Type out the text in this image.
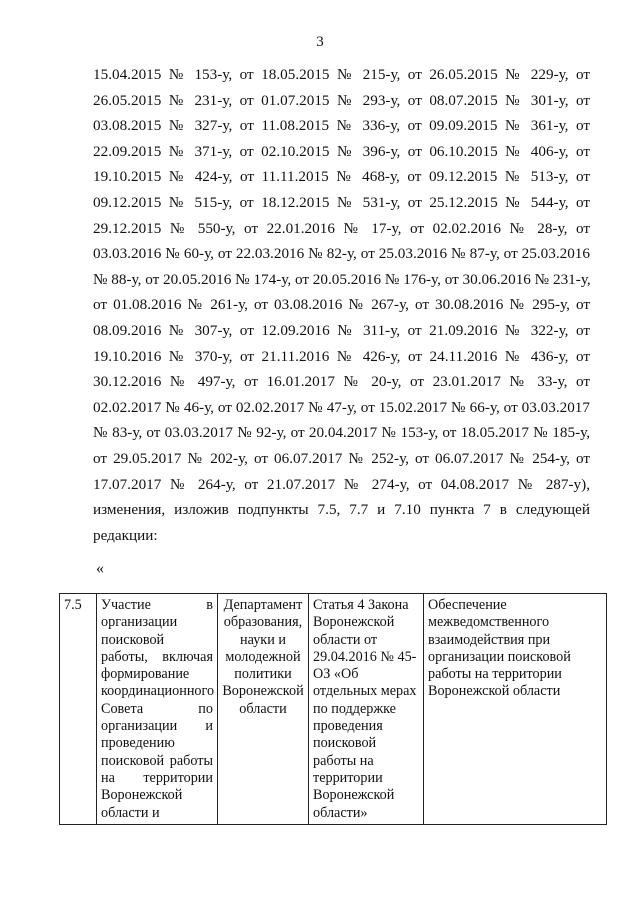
3
15.04.2015 № 153-у, от 18.05.2015 № 215-у, от 26.05.2015 № 229-у, от
26.05.2015 № 231-у, от 01.07.2015 № 293-у, от 08.07.2015 № 301-у, от
03.08.2015 № 327-у, от 11.08.2015 № 336-у, от 09.09.2015 № 361-у, от
22.09.2015 № 371-у, от 02.10.2015 № 396-у, от 06.10.2015 № 406-у, от
19.10.2015 № 424-у, от 11.11.2015 № 468-у, от 09.12.2015 № 513-у, от
09.12.2015 № 515-у, от 18.12.2015 № 531-у, от 25.12.2015 № 544-у, от
29.12.2015 № 550-у, от 22.01.2016 № 17-у, от 02.02.2016 № 28-у, от
03.03.2016 № 60-у, от 22.03.2016 № 82-у, от 25.03.2016 № 87-у, от 25.03.2016
№ 88-у, от 20.05.2016 № 174-у, от 20.05.2016 № 176-у, от 30.06.2016 № 231-у,
от 01.08.2016 № 261-у, от 03.08.2016 № 267-у, от 30.08.2016 № 295-у, от
08.09.2016 № 307-у, от 12.09.2016 № 311-у, от 21.09.2016 № 322-у, от
19.10.2016 № 370-у, от 21.11.2016 № 426-у, от 24.11.2016 № 436-у, от
30.12.2016 № 497-у, от 16.01.2017 № 20-у, от 23.01.2017 № 33-у, от
02.02.2017 № 46-у, от 02.02.2017 № 47-у, от 15.02.2017 № 66-у, от 03.03.2017
№ 83-у, от 03.03.2017 № 92-у, от 20.04.2017 № 153-у, от 18.05.2017 № 185-у,
от 29.05.2017 № 202-у, от 06.07.2017 № 252-у, от 06.07.2017 № 254-у, от
17.07.2017 № 264-у, от 21.07.2017 № 274-у, от 04.08.2017 № 287-у),
изменения, изложив подпункты 7.5, 7.7 и 7.10 пункта 7 в следующей
редакции:
«
7.5	Участие в организации поисковой работы, включая формирование координационного Совета по организации и проведению поисковой работы на территории Воронежской области и	Департамент образования, науки и молодежной политики Воронежской области	Статья 4 Закона Воронежской области от 29.04.2016 № 45-ОЗ «Об отдельных мерах по поддержке проведения поисковой работы на территории Воронежской области»	Обеспечение межведомственного взаимодействия при организации поисковой работы на территории Воронежской области
